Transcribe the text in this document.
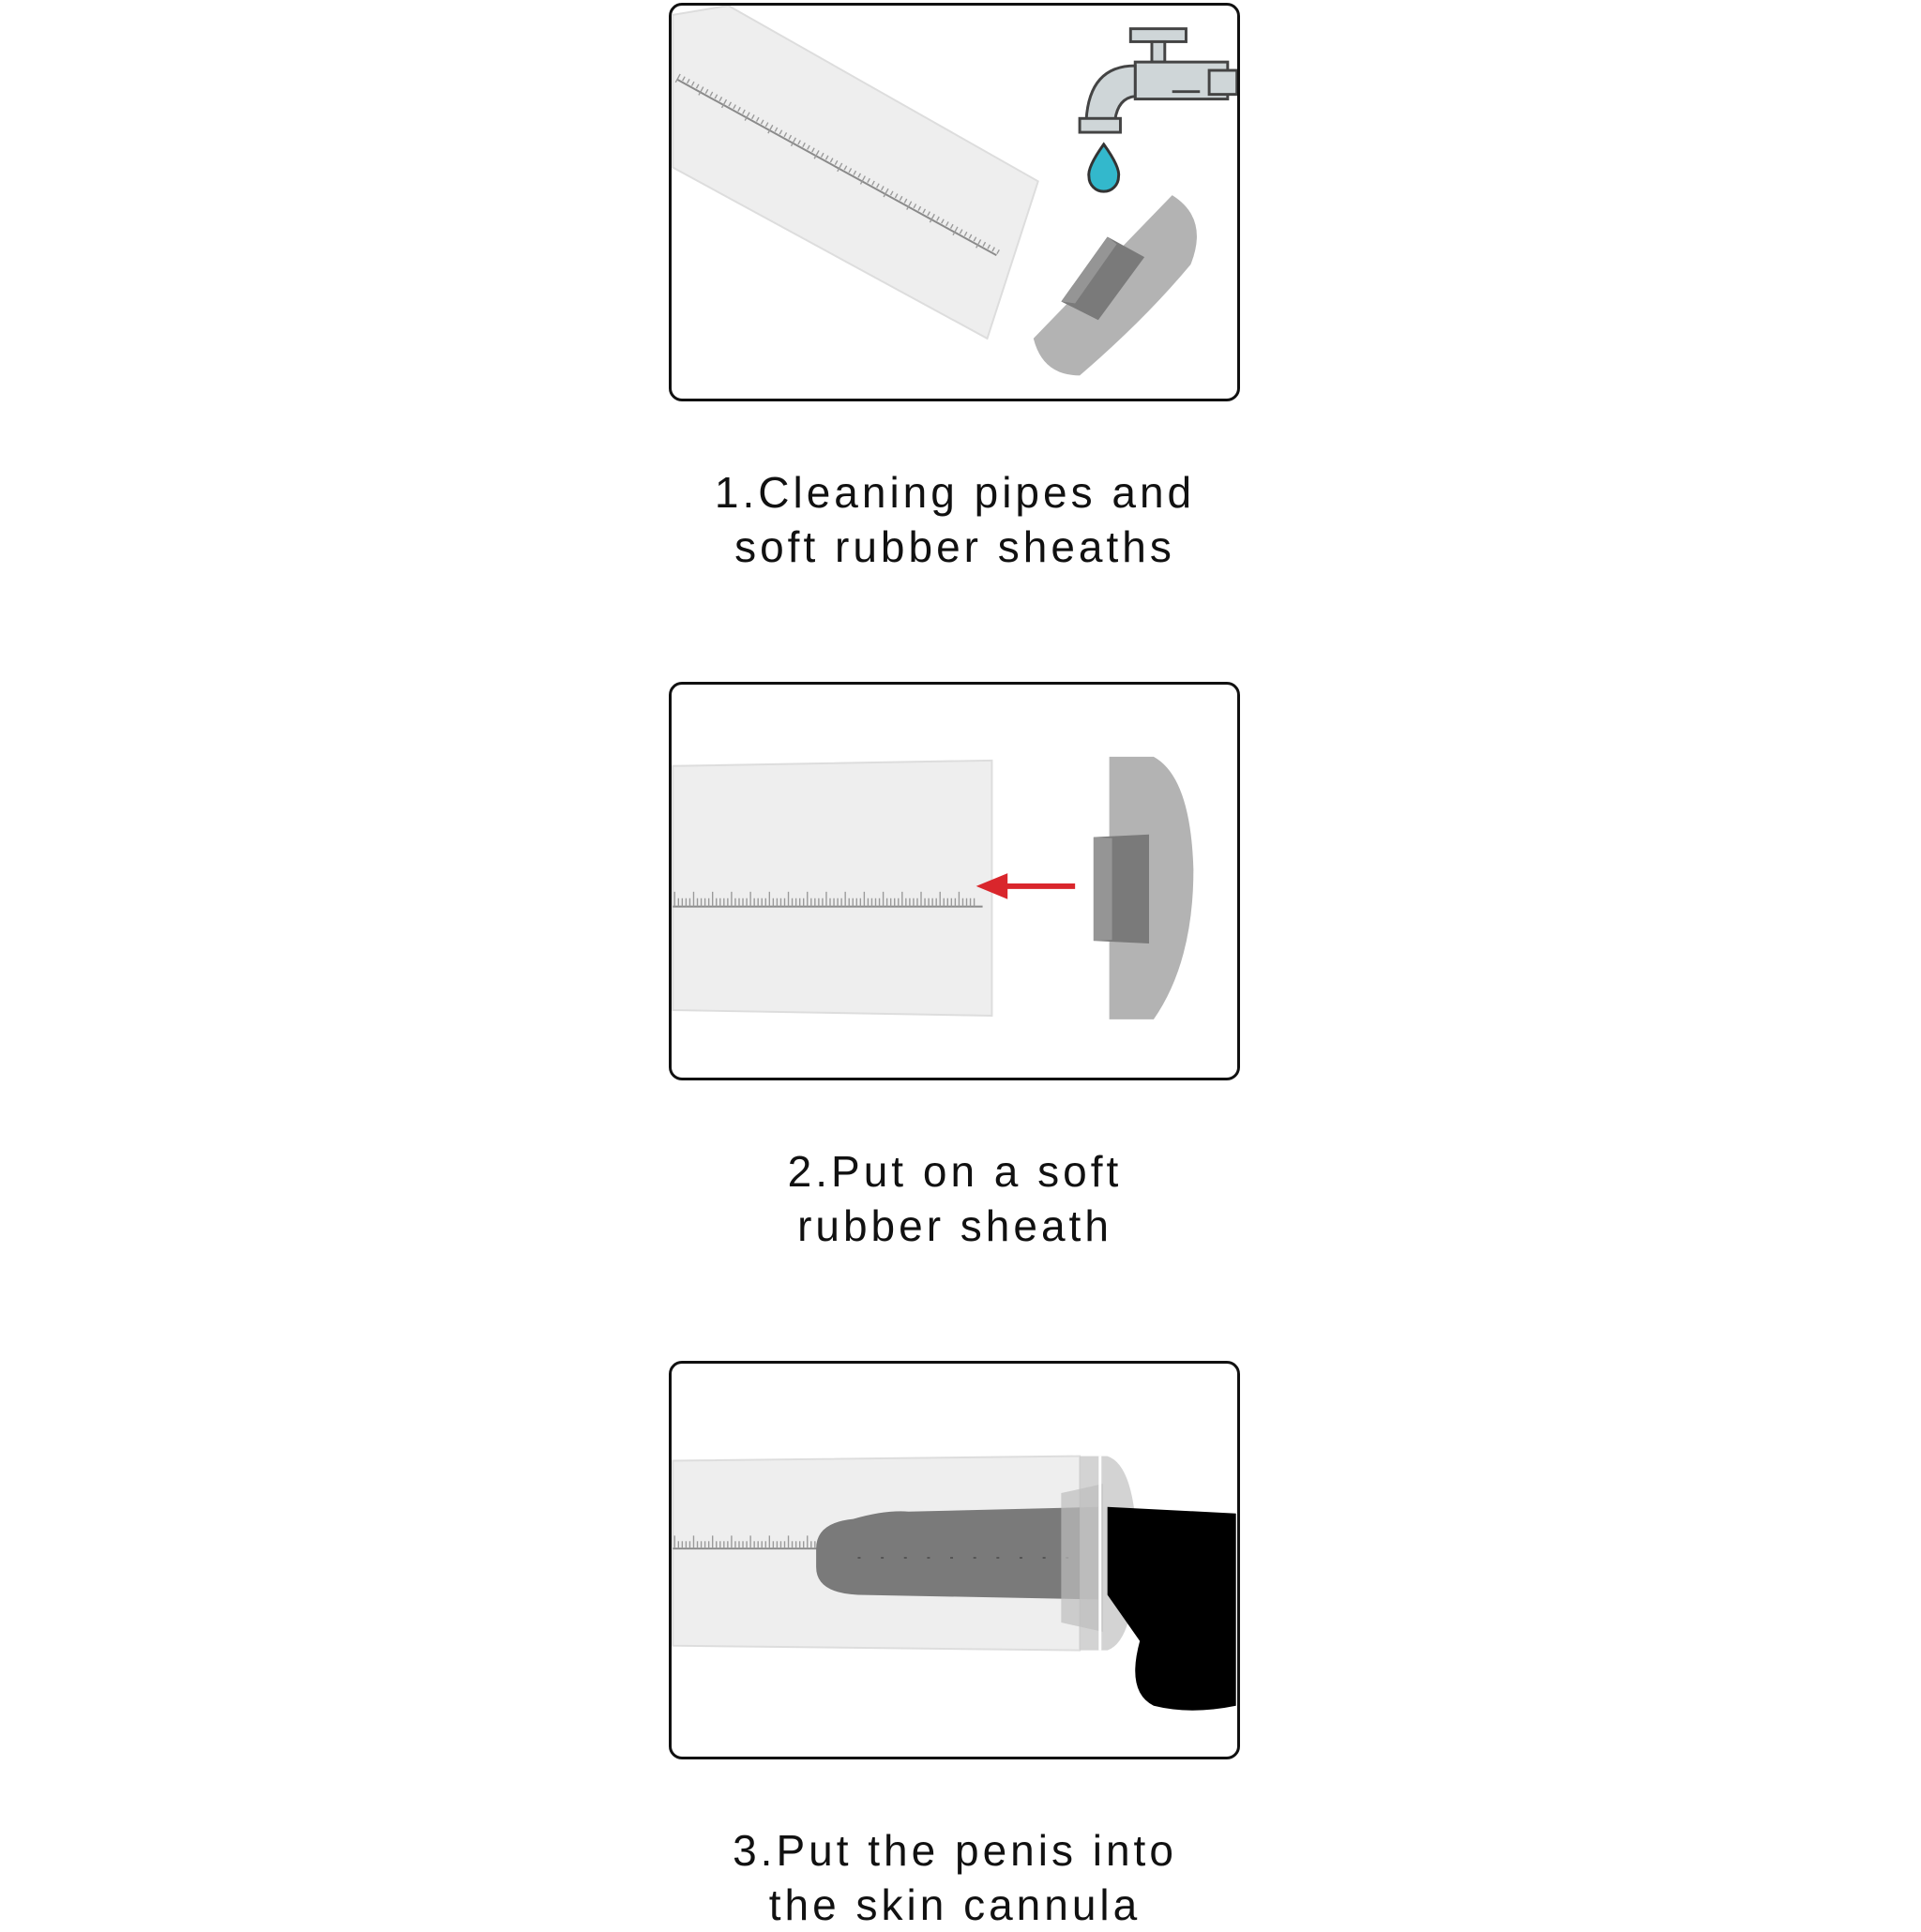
1.Cleaning pipes and
soft rubber sheaths
2.Put on a soft
rubber sheath
3.Put the penis into
the skin cannula
